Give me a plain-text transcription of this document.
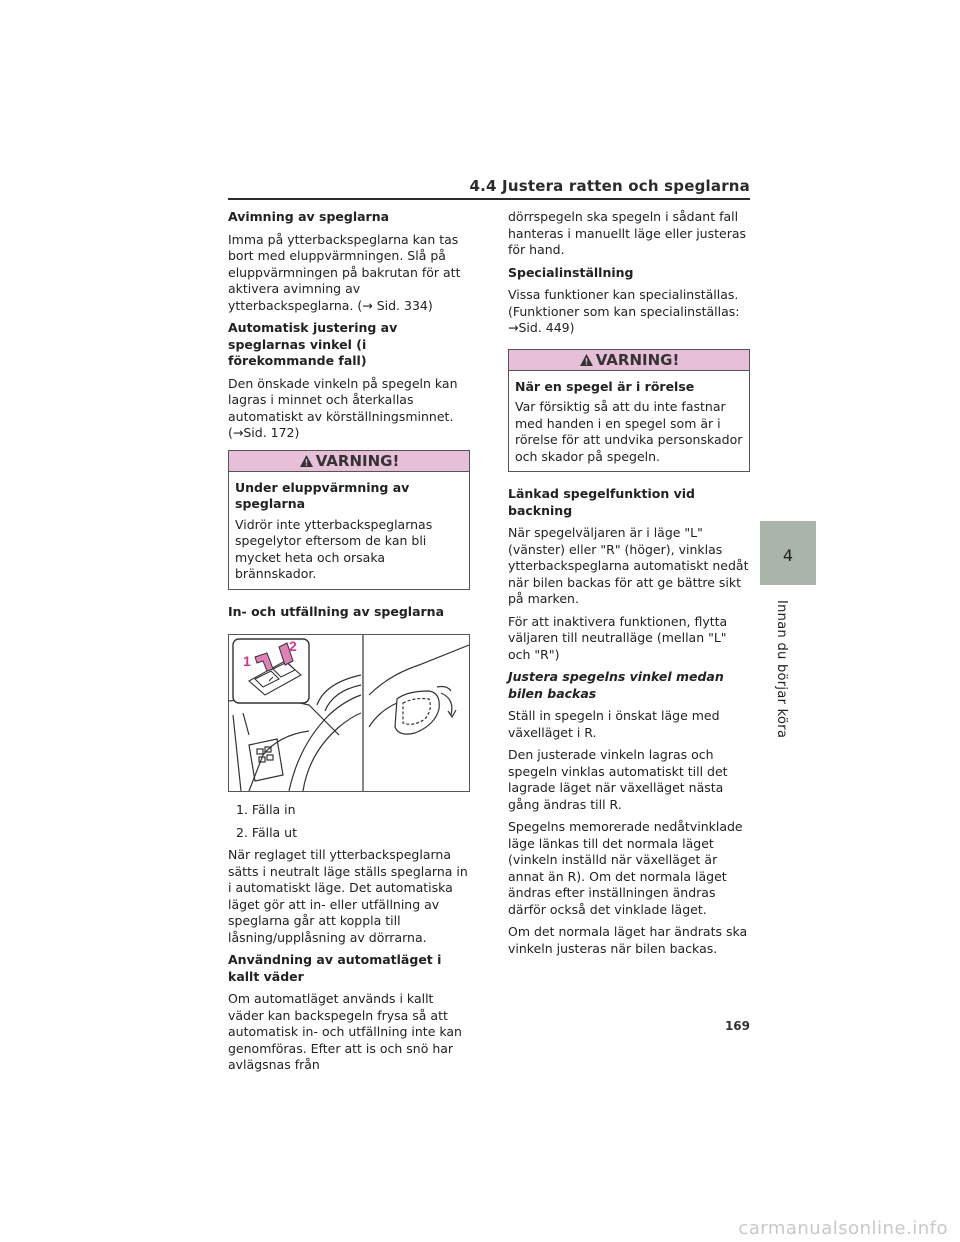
4.4 Justera ratten och speglarna
Avimning av speglarna

Imma på ytterbackspeglarna kan tas bort med eluppvärmningen. Slå på eluppvärmningen på bakrutan för att aktivera avimning av ytterbackspeglarna. (→ Sid. 334)

Automatisk justering av speglarnas vinkel (i förekommande fall)

Den önskade vinkeln på spegeln kan lagras i minnet och återkallas automatiskt av körställningsminnet. (→Sid. 172)

VARNING!
Under eluppvärmning av speglarna

Vidrör inte ytterbackspeglarnas spegelytor eftersom de kan bli mycket heta och orsaka brännskador.

In- och utfällning av speglarna
1
2

1. Fälla in

2. Fälla ut

När reglaget till ytterbackspeglarna sätts i neutralt läge ställs speglarna in i automatiskt läge. Det automatiska läget gör att in- eller utfällning av speglarna går att koppla till låsning/upplåsning av dörrarna.

Användning av automatläget i kallt väder

Om automatläget används i kallt väder kan backspegeln frysa så att automatisk in- och utfällning inte kan genomföras. Efter att is och snö har avlägsnas från

dörrspegeln ska spegeln i sådant fall hanteras i manuellt läge eller justeras för hand.

Specialinställning

Vissa funktioner kan specialinställas. (Funktioner som kan specialinställas: →Sid. 449)

VARNING!
När en spegel är i rörelse

Var försiktig så att du inte fastnar med handen i en spegel som är i rörelse för att undvika personskador och skador på spegeln.

Länkad spegelfunktion vid backning

När spegelväljaren är i läge "L" (vänster) eller "R" (höger), vinklas ytterbackspeglarna automatiskt nedåt när bilen backas för att ge bättre sikt på marken.

För att inaktivera funktionen, flytta väljaren till neutralläge (mellan "L" och "R")

Justera spegelns vinkel medan bilen backas

Ställ in spegeln i önskat läge med växelläget i R.

Den justerade vinkeln lagras och spegeln vinklas automatiskt till det lagrade läget när växelläget nästa gång ändras till R.

Spegelns memorerade nedåtvinklade läge länkas till det normala läget (vinkeln inställd när växelläget är annat än R). Om det normala läget ändras efter inställningen ändras därför också det vinklade läget.

Om det normala läget har ändrats ska vinkeln justeras när bilen backas.

4
Innan du börjar köra
169
carmanualsonline.info
